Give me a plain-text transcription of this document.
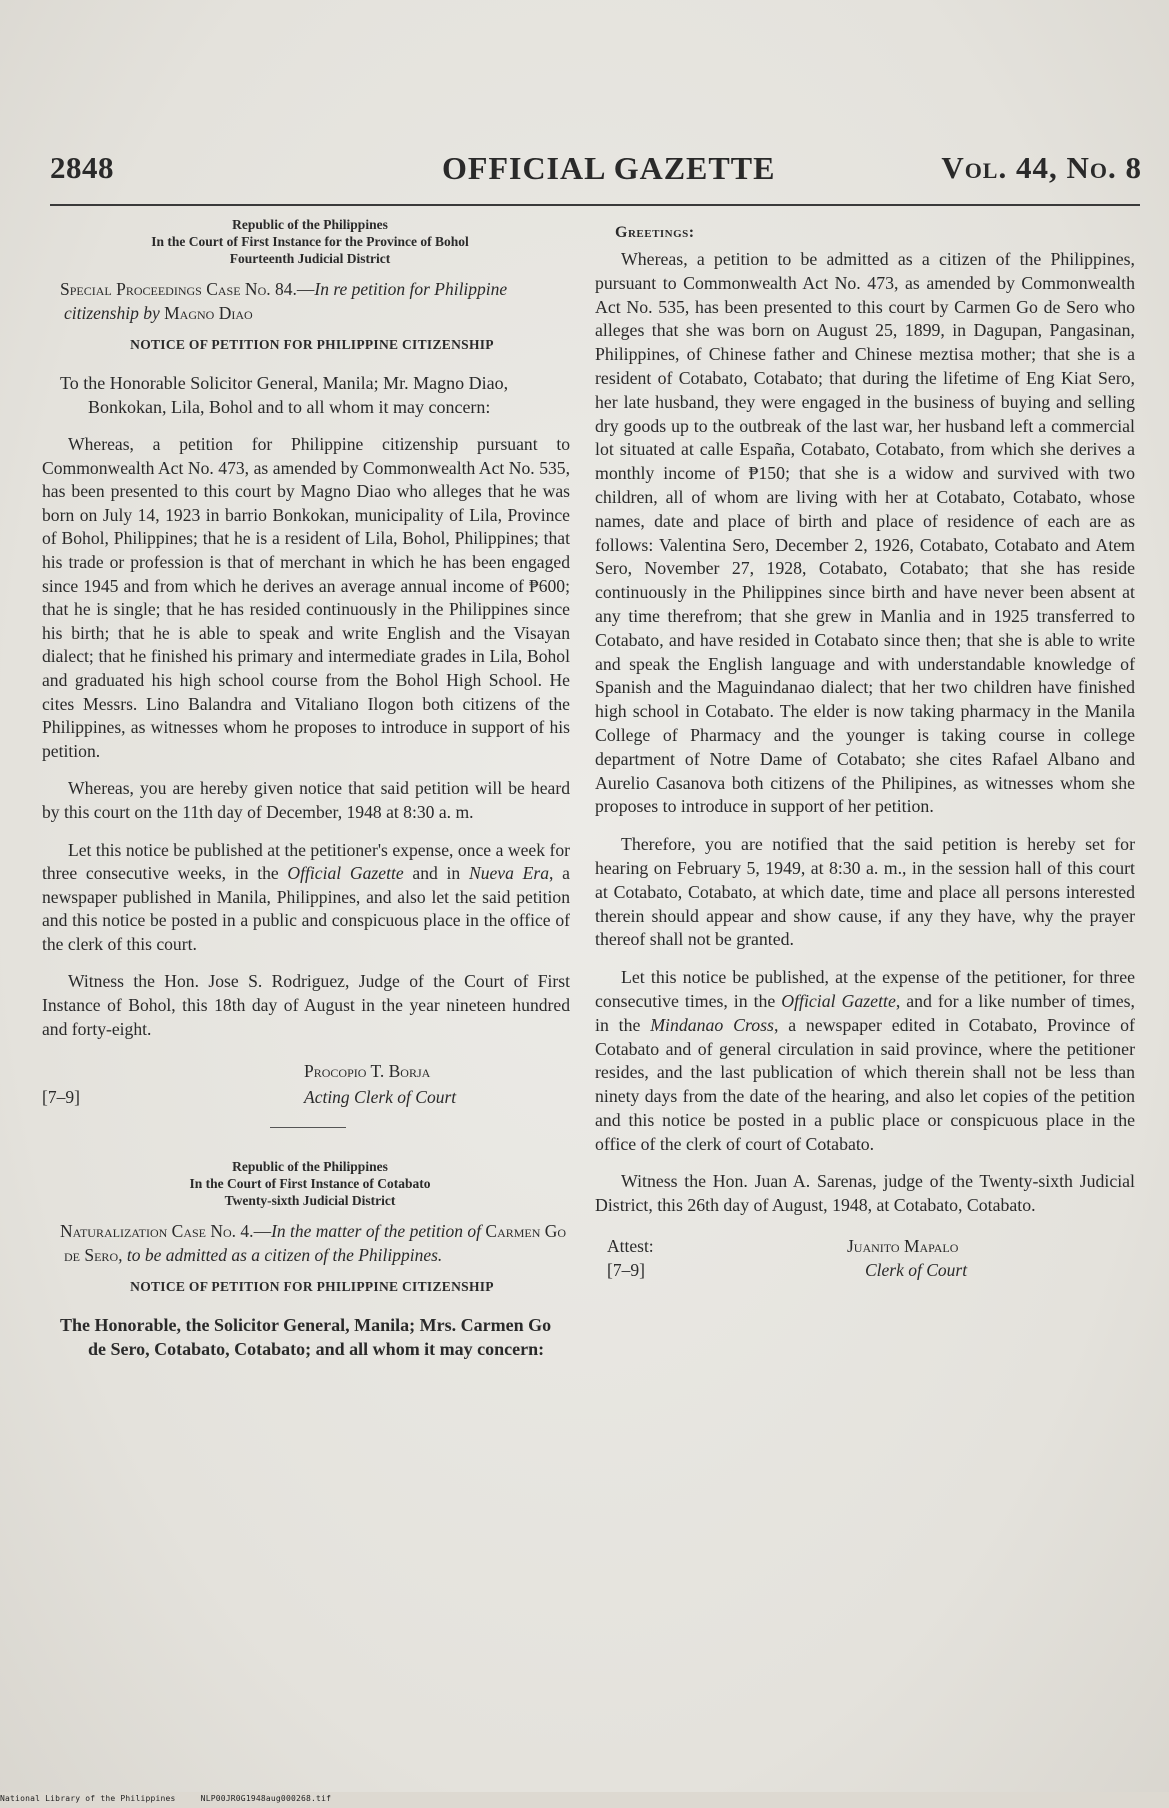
2848	OFFICIAL GAZETTE	Vol. 44, No. 8
Republic of the Philippines
In the Court of First Instance for the Province of Bohol
Fourteenth Judicial District
Special Proceedings Case No. 84.—In re petition for Philippine citizenship by Magno Diao
NOTICE OF PETITION FOR PHILIPPINE CITIZENSHIP
To the Honorable Solicitor General, Manila; Mr. Magno Diao, Bonkokan, Lila, Bohol and to all whom it may concern:

Whereas, a petition for Philippine citizenship pursuant to Commonwealth Act No. 473, as amended by Commonwealth Act No. 535, has been presented to this court by Magno Diao who alleges that he was born on July 14, 1923 in barrio Bonkokan, municipality of Lila, Province of Bohol, Philippines; that he is a resident of Lila, Bohol, Philippines; that his trade or profession is that of merchant in which he has been engaged since 1945 and from which he derives an average annual income of ₱600; that he is single; that he has resided continuously in the Philippines since his birth; that he is able to speak and write English and the Visayan dialect; that he finished his primary and intermediate grades in Lila, Bohol and graduated his high school course from the Bohol High School. He cites Messrs. Lino Balandra and Vitaliano Ilogon both citizens of the Philippines, as witnesses whom he proposes to introduce in support of his petition.

Whereas, you are hereby given notice that said petition will be heard by this court on the 11th day of December, 1948 at 8:30 a. m.

Let this notice be published at the petitioner's expense, once a week for three consecutive weeks, in the Official Gazette and in Nueva Era, a newspaper published in Manila, Philippines, and also let the said petition and this notice be posted in a public and conspicuous place in the office of the clerk of this court.

Witness the Hon. Jose S. Rodriguez, Judge of the Court of First Instance of Bohol, this 18th day of August in the year nineteen hundred and forty-eight.

[7–9]
Procopio T. Borja
Acting Clerk of Court
Republic of the Philippines
In the Court of First Instance of Cotabato
Twenty-sixth Judicial District
Naturalization Case No. 4.—In the matter of the petition of Carmen Go de Sero, to be admitted as a citizen of the Philippines.
NOTICE OF PETITION FOR PHILIPPINE CITIZENSHIP
The Honorable, the Solicitor General, Manila; Mrs. Carmen Go de Sero, Cotabato, Cotabato; and all whom it may concern:
Greetings:

Whereas, a petition to be admitted as a citizen of the Philippines, pursuant to Commonwealth Act No. 473, as amended by Commonwealth Act No. 535, has been presented to this court by Carmen Go de Sero who alleges that she was born on August 25, 1899, in Dagupan, Pangasinan, Philippines, of Chinese father and Chinese meztisa mother; that she is a resident of Cotabato, Cotabato; that during the lifetime of Eng Kiat Sero, her late husband, they were engaged in the business of buying and selling dry goods up to the outbreak of the last war, her husband left a commercial lot situated at calle España, Cotabato, Cotabato, from which she derives a monthly income of ₱150; that she is a widow and survived with two children, all of whom are living with her at Cotabato, Cotabato, whose names, date and place of birth and place of residence of each are as follows: Valentina Sero, December 2, 1926, Cotabato, Cotabato and Atem Sero, November 27, 1928, Cotabato, Cotabato; that she has reside continuously in the Philippines since birth and have never been absent at any time therefrom; that she grew in Manlia and in 1925 transferred to Cotabato, and have resided in Cotabato since then; that she is able to write and speak the English language and with understandable knowledge of Spanish and the Maguindanao dialect; that her two children have finished high school in Cotabato. The elder is now taking pharmacy in the Manila College of Pharmacy and the younger is taking course in college department of Notre Dame of Cotabato; she cites Rafael Albano and Aurelio Casanova both citizens of the Philipines, as witnesses whom she proposes to introduce in support of her petition.

Therefore, you are notified that the said petition is hereby set for hearing on February 5, 1949, at 8:30 a. m., in the session hall of this court at Cotabato, Cotabato, at which date, time and place all persons interested therein should appear and show cause, if any they have, why the prayer thereof shall not be granted.

Let this notice be published, at the expense of the petitioner, for three consecutive times, in the Official Gazette, and for a like number of times, in the Mindanao Cross, a newspaper edited in Cotabato, Province of Cotabato and of general circulation in said province, where the petitioner resides, and the last publication of which therein shall not be less than ninety days from the date of the hearing, and also let copies of the petition and this notice be posted in a public place or conspicuous place in the office of the clerk of court of Cotabato.

Witness the Hon. Juan A. Sarenas, judge of the Twenty-sixth Judicial District, this 26th day of August, 1948, at Cotabato, Cotabato.

Attest:
[7–9]
Juanito Mapalo
Clerk of Court
National Library of the Philippines	NLP00JR0G1948aug000268.tif
